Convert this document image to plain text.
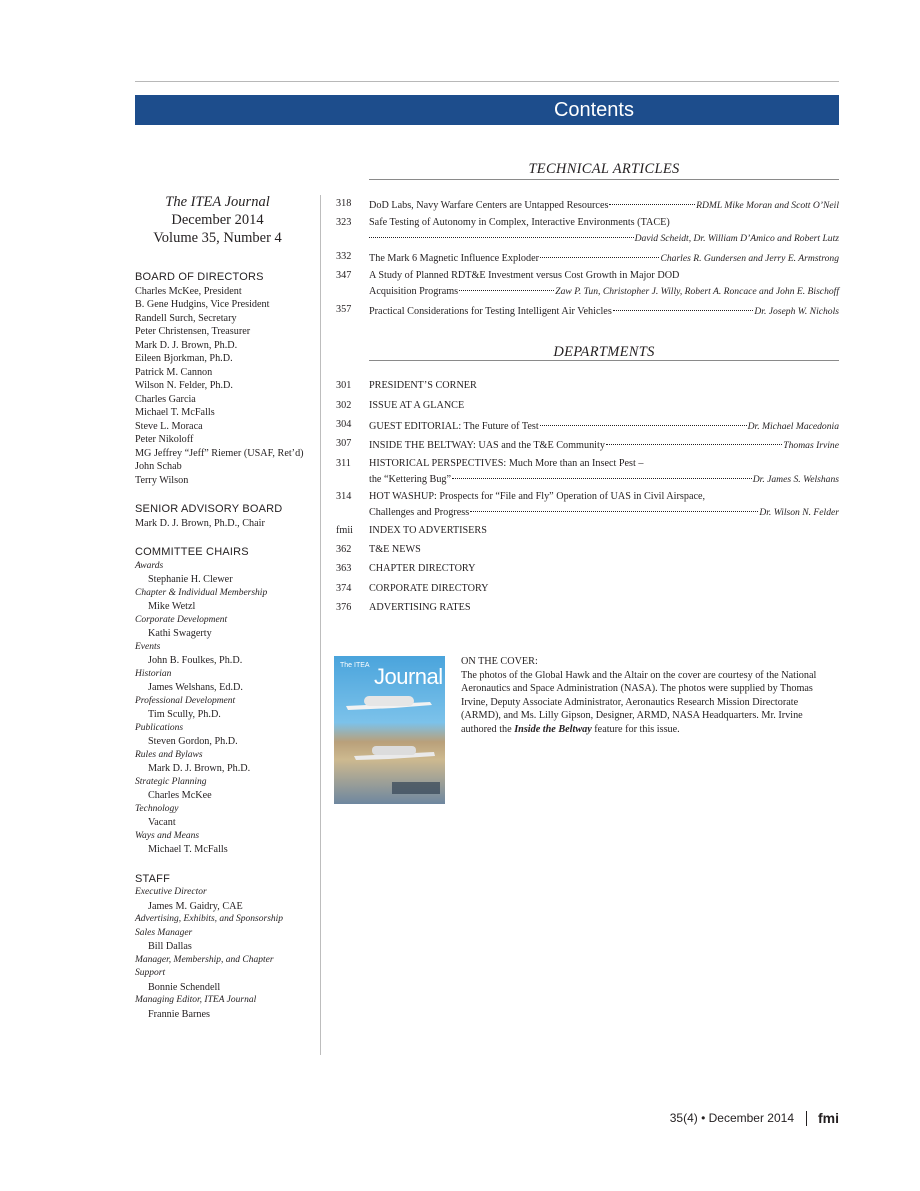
Contents
TECHNICAL ARTICLES
The ITEA Journal
December 2014
Volume 35, Number 4
BOARD OF DIRECTORS
Charles McKee, President
B. Gene Hudgins, Vice President
Randell Surch, Secretary
Peter Christensen, Treasurer
Mark D. J. Brown, Ph.D.
Eileen Bjorkman, Ph.D.
Patrick M. Cannon
Wilson N. Felder, Ph.D.
Charles Garcia
Michael T. McFalls
Steve L. Moraca
Peter Nikoloff
MG Jeffrey “Jeff” Riemer (USAF, Ret’d)
John Schab
Terry Wilson
SENIOR ADVISORY BOARD
Mark D. J. Brown, Ph.D., Chair
COMMITTEE CHAIRS
Awards
Stephanie H. Clewer
Chapter & Individual Membership
Mike Wetzl
Corporate Development
Kathi Swagerty
Events
John B. Foulkes, Ph.D.
Historian
James Welshans, Ed.D.
Professional Development
Tim Scully, Ph.D.
Publications
Steven Gordon, Ph.D.
Rules and Bylaws
Mark D. J. Brown, Ph.D.
Strategic Planning
Charles McKee
Technology
Vacant
Ways and Means
Michael T. McFalls
STAFF
Executive Director
James M. Gaidry, CAE
Advertising, Exhibits, and Sponsorship Sales Manager
Bill Dallas
Manager, Membership, and Chapter Support
Bonnie Schendell
Managing Editor, ITEA Journal
Frannie Barnes
318	DoD Labs, Navy Warfare Centers are Untapped Resources	RDML Mike Moran and Scott O’Neil
323	Safe Testing of Autonomy in Complex, Interactive Environments (TACE)
David Scheidt, Dr. William D’Amico and Robert Lutz
332	The Mark 6 Magnetic Influence Exploder	Charles R. Gundersen and Jerry E. Armstrong
347	A Study of Planned RDT&E Investment versus Cost Growth in Major DOD
Acquisition Programs	Zaw P. Tun, Christopher J. Willy, Robert A. Roncace and John E. Bischoff
357	Practical Considerations for Testing Intelligent Air Vehicles	Dr. Joseph W. Nichols
DEPARTMENTS
301	PRESIDENT’S CORNER
302	ISSUE AT A GLANCE
304	GUEST EDITORIAL: The Future of Test	Dr. Michael Macedonia
307	INSIDE THE BELTWAY: UAS and the T&E Community	Thomas Irvine
311	HISTORICAL PERSPECTIVES: Much More than an Insect Pest –
the “Kettering Bug”	Dr. James S. Welshans
314	HOT WASHUP: Prospects for “File and Fly” Operation of UAS in Civil Airspace,
Challenges and Progress	Dr. Wilson N. Felder
fmii	INDEX TO ADVERTISERS
362	T&E NEWS
363	CHAPTER DIRECTORY
374	CORPORATE DIRECTORY
376	ADVERTISING RATES
The ITEA Journal
ON THE COVER:
The photos of the Global Hawk and the Altair on the cover are courtesy of the National Aeronautics and Space Administration (NASA). The photos were supplied by Thomas Irvine, Deputy Associate Administrator, Aeronautics Research Mission Directorate (ARMD), and Ms. Lilly Gipson, Designer, ARMD, NASA Headquarters. Mr. Irvine authored the Inside the Beltway feature for this issue.
35(4) • December 2014 fmi
